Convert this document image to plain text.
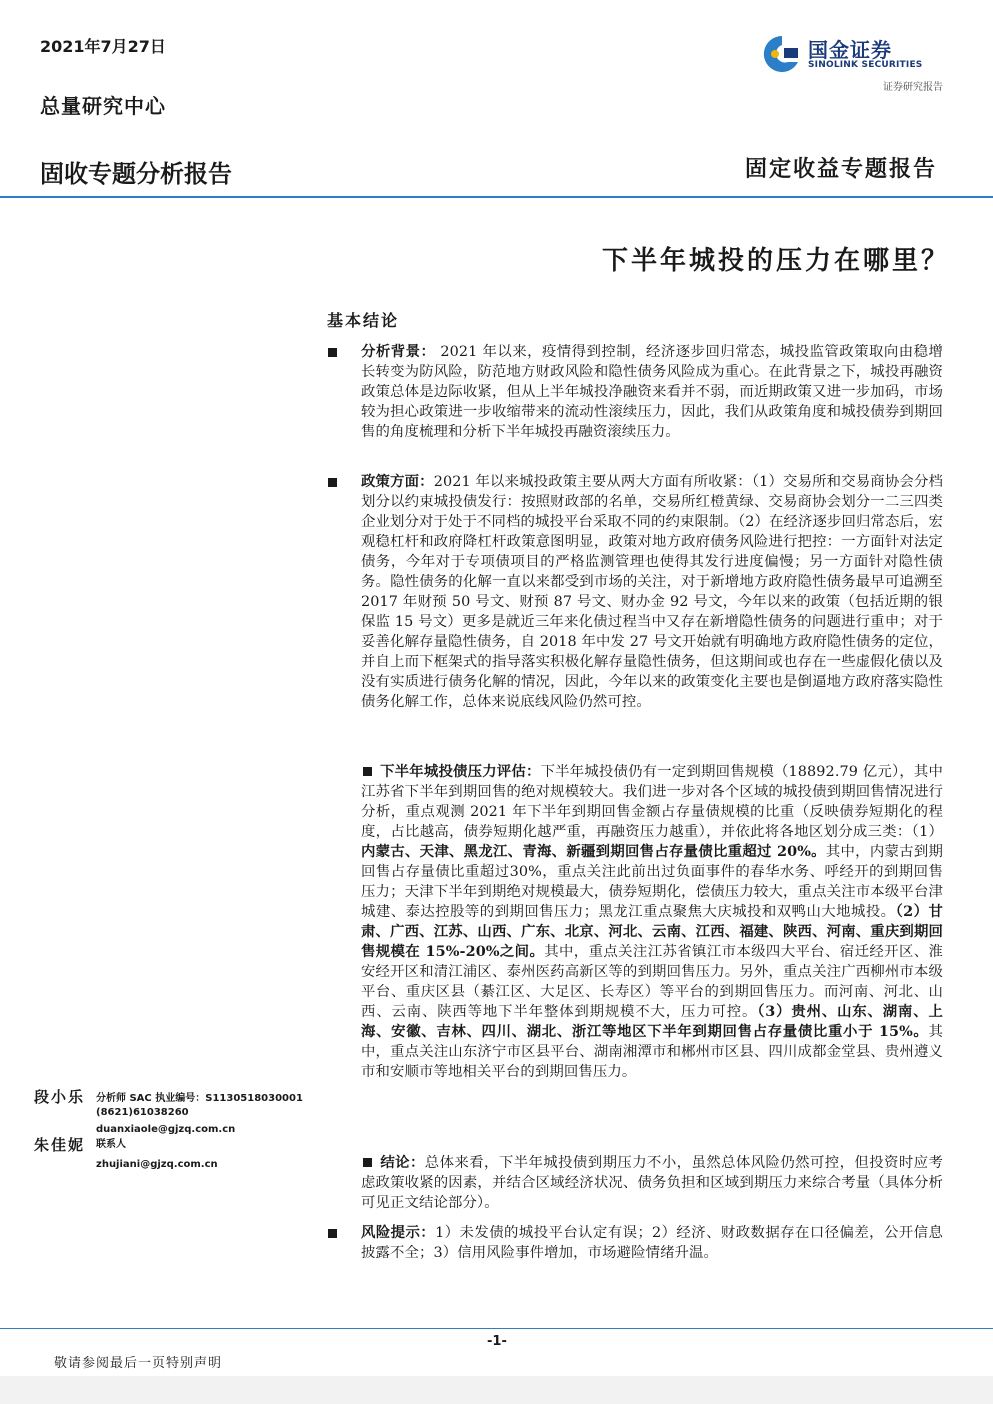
2021年7月27日
总量研究中心
固收专题分析报告	固定收益专题报告
国金证券
SINOLINK SECURITIES
证券研究报告
下半年城投的压力在哪里？
基本结论
分析背景： 2021 年以来，疫情得到控制，经济逐步回归常态，城投监管政策取向由稳增长转变为防风险，防范地方财政风险和隐性债务风险成为重心。在此背景之下，城投再融资政策总体是边际收紧，但从上半年城投净融资来看并不弱，而近期政策又进一步加码，市场较为担心政策进一步收缩带来的流动性滚续压力，因此，我们从政策角度和城投债券到期回售的角度梳理和分析下半年城投再融资滚续压力。
政策方面：2021 年以来城投政策主要从两大方面有所收紧：（1）交易所和交易商协会分档划分以约束城投债发行：按照财政部的名单，交易所红橙黄绿、交易商协会划分一二三四类企业划分对于处于不同档的城投平台采取不同的约束限制。（2）在经济逐步回归常态后，宏观稳杠杆和政府降杠杆政策意图明显，政策对地方政府债务风险进行把控：一方面针对法定债务，今年对于专项债项目的严格监测管理也使得其发行进度偏慢；另一方面针对隐性债务。隐性债务的化解一直以来都受到市场的关注，对于新增地方政府隐性债务最早可追溯至 2017 年财预 50 号文、财预 87 号文、财办金 92 号文，今年以来的政策（包括近期的银保监 15 号文）更多是就近三年来化债过程当中又存在新增隐性债务的问题进行重申；对于妥善化解存量隐性债务，自 2018 年中发 27 号文开始就有明确地方政府隐性债务的定位，并自上而下框架式的指导落实积极化解存量隐性债务，但这期间或也存在一些虚假化债以及没有实质进行债务化解的情况，因此，今年以来的政策变化主要也是倒逼地方政府落实隐性债务化解工作，总体来说底线风险仍然可控。
下半年城投债压力评估：下半年城投债仍有一定到期回售规模（18892.79 亿元），其中江苏省下半年到期回售的绝对规模较大。我们进一步对各个区域的城投债到期回售情况进行分析，重点观测 2021 年下半年到期回售金额占存量债规模的比重（反映债券短期化的程度，占比越高，债券短期化越严重，再融资压力越重），并依此将各地区划分成三类：（1）内蒙古、天津、黑龙江、青海、新疆到期回售占存量债比重超过 20%。其中，内蒙古到期回售占存量债比重超过30%，重点关注此前出过负面事件的春华水务、呼经开的到期回售压力；天津下半年到期绝对规模最大，债券短期化，偿债压力较大，重点关注市本级平台津城建、泰达控股等的到期回售压力；黑龙江重点聚焦大庆城投和双鸭山大地城投。（2）甘肃、广西、江苏、山西、广东、北京、河北、云南、江西、福建、陕西、河南、重庆到期回售规模在 15%-20%之间。其中，重点关注江苏省镇江市本级四大平台、宿迁经开区、淮安经开区和清江浦区、泰州医药高新区等的到期回售压力。另外，重点关注广西柳州市本级平台、重庆区县（綦江区、大足区、长寿区）等平台的到期回售压力。而河南、河北、山西、云南、陕西等地下半年整体到期规模不大，压力可控。（3）贵州、山东、湖南、上海、安徽、吉林、四川、湖北、浙江等地区下半年到期回售占存量债比重小于 15%。其中，重点关注山东济宁市区县平台、湖南湘潭市和郴州市区县、四川成都金堂县、贵州遵义市和安顺市等地相关平台的到期回售压力。
结论：总体来看，下半年城投债到期压力不小，虽然总体风险仍然可控，但投资时应考虑政策收紧的因素，并结合区域经济状况、债务负担和区域到期压力来综合考量（具体分析可见正文结论部分）。
风险提示：1）未发债的城投平台认定有误；2）经济、财政数据存在口径偏差，公开信息披露不全；3）信用风险事件增加，市场避险情绪升温。
段小乐 分析师 SAC 执业编号：S1130518030001
(8621)61038260
duanxiaole@gjzq.com.cn
朱佳妮 联系人
zhujiani@gjzq.com.cn
-1-
敬请参阅最后一页特别声明
